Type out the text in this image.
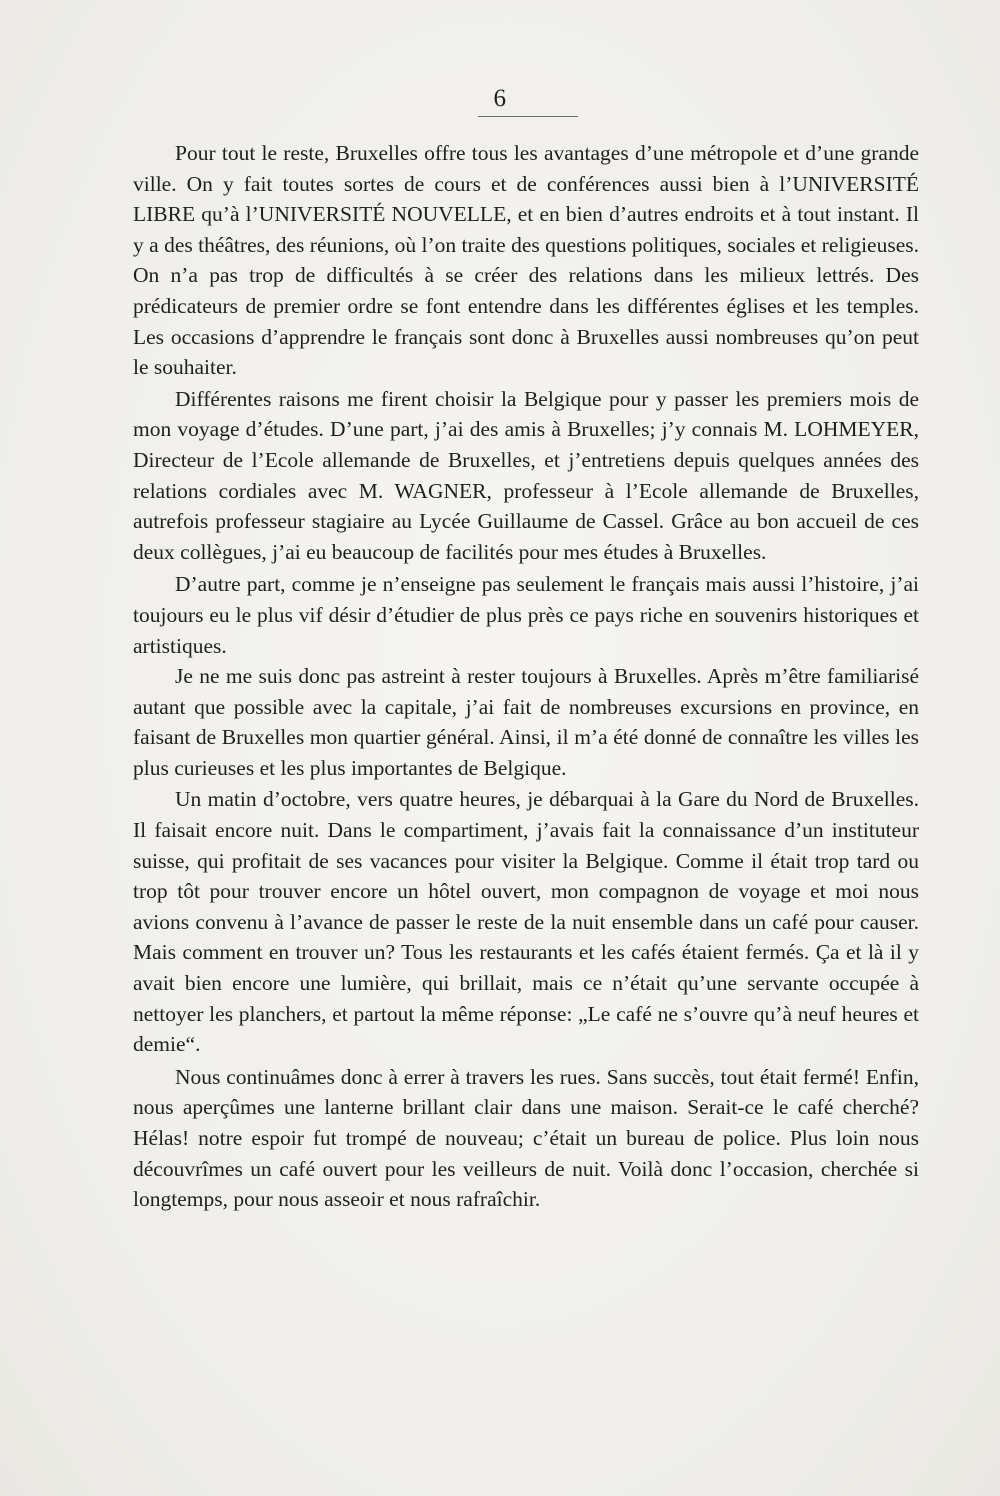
6

Pour tout le reste, Bruxelles offre tous les avantages d’une métropole et d’une grande ville. On y fait toutes sortes de cours et de conférences aussi bien à l’UNIVERSITÉ LIBRE qu’à l’UNIVERSITÉ NOUVELLE, et en bien d’autres endroits et à tout instant. Il y a des théâtres, des réunions, où l’on traite des questions politiques, sociales et religieuses. On n’a pas trop de difficultés à se créer des relations dans les milieux lettrés. Des prédicateurs de premier ordre se font entendre dans les différentes églises et les temples. Les occasions d’apprendre le français sont donc à Bruxelles aussi nombreuses qu’on peut le souhaiter.

Différentes raisons me firent choisir la Belgique pour y passer les premiers mois de mon voyage d’études. D’une part, j’ai des amis à Bruxelles; j’y connais M. LOHMEYER, Directeur de l’Ecole allemande de Bruxelles, et j’entretiens depuis quelques années des relations cordiales avec M. WAGNER, professeur à l’Ecole allemande de Bruxelles, autrefois professeur stagiaire au Lycée Guillaume de Cassel. Grâce au bon accueil de ces deux collègues, j’ai eu beaucoup de facilités pour mes études à Bruxelles.

D’autre part, comme je n’enseigne pas seulement le français mais aussi l’histoire, j’ai toujours eu le plus vif désir d’étudier de plus près ce pays riche en souvenirs historiques et artistiques.

Je ne me suis donc pas astreint à rester toujours à Bruxelles. Après m’être familiarisé autant que possible avec la capitale, j’ai fait de nombreuses excursions en province, en faisant de Bruxelles mon quartier général. Ainsi, il m’a été donné de connaître les villes les plus curieuses et les plus importantes de Belgique.

Un matin d’octobre, vers quatre heures, je débarquai à la Gare du Nord de Bruxelles. Il faisait encore nuit. Dans le compartiment, j’avais fait la connaissance d’un instituteur suisse, qui profitait de ses vacances pour visiter la Belgique. Comme il était trop tard ou trop tôt pour trouver encore un hôtel ouvert, mon compagnon de voyage et moi nous avions convenu à l’avance de passer le reste de la nuit ensemble dans un café pour causer. Mais comment en trouver un? Tous les restaurants et les cafés étaient fermés. Ça et là il y avait bien encore une lumière, qui brillait, mais ce n’était qu’une servante occupée à nettoyer les planchers, et partout la même réponse: „Le café ne s’ouvre qu’à neuf heures et demie“.

Nous continuâmes donc à errer à travers les rues. Sans succès, tout était fermé! Enfin, nous aperçûmes une lanterne brillant clair dans une maison. Serait-ce le café cherché? Hélas! notre espoir fut trompé de nouveau; c’était un bureau de police. Plus loin nous découvrîmes un café ouvert pour les veilleurs de nuit. Voilà donc l’occasion, cherchée si longtemps, pour nous asseoir et nous rafraîchir.
